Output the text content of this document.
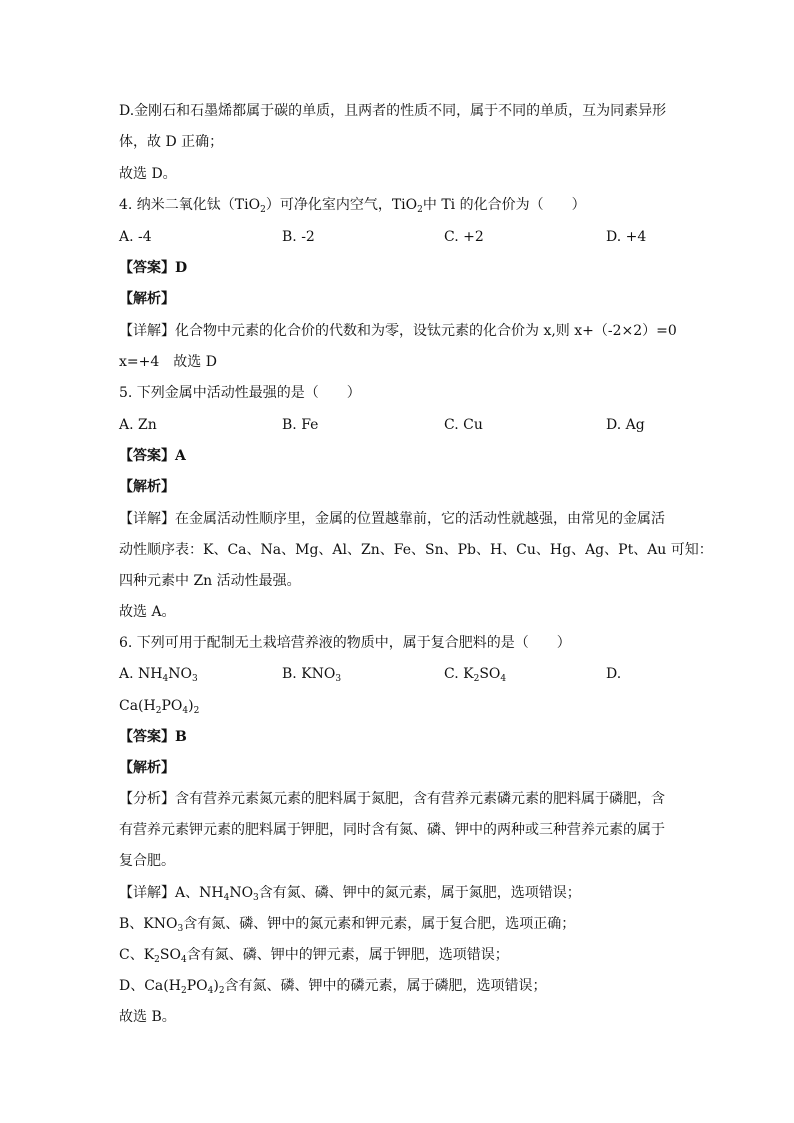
D.金刚石和石墨烯都属于碳的单质，且两者的性质不同，属于不同的单质，互为同素异形
体，故 D 正确；
故选 D。
4. 纳米二氧化钛（TiO$_2$）可净化室内空气，TiO$_2$中 Ti 的化合价为（　　）
A. -4	B. -2	C. +2	D. +4
【答案】D
【解析】
【详解】化合物中元素的化合价的代数和为零，设钛元素的化合价为 x,则 x+（-2×2）=0
x=+4　故选 D
5. 下列金属中活动性最强的是（　　）
A. Zn	B. Fe	C. Cu	D. Ag
【答案】A
【解析】
【详解】在金属活动性顺序里，金属的位置越靠前，它的活动性就越强，由常见的金属活
动性顺序表：K、Ca、Na、Mg、Al、Zn、Fe、Sn、Pb、H、Cu、Hg、Ag、Pt、Au 可知：
四种元素中 Zn 活动性最强。
故选 A。
6. 下列可用于配制无土栽培营养液的物质中，属于复合肥料的是（　　）
A. $NH_4NO_3$	B. $KNO_3$	C. $K_2SO_4$	D.
$Ca(H_2PO_4)_2$
【答案】B
【解析】
【分析】含有营养元素氮元素的肥料属于氮肥，含有营养元素磷元素的肥料属于磷肥，含
有营养元素钾元素的肥料属于钾肥，同时含有氮、磷、钾中的两种或三种营养元素的属于
复合肥。
【详解】A、$NH_4NO_3$含有氮、磷、钾中的氮元素，属于氮肥，选项错误；
B、$KNO_3$含有氮、磷、钾中的氮元素和钾元素，属于复合肥，选项正确；
C、$K_2SO_4$含有氮、磷、钾中的钾元素，属于钾肥，选项错误；
D、$Ca(H_2PO_4)_2$含有氮、磷、钾中的磷元素，属于磷肥，选项错误；
故选 B。
